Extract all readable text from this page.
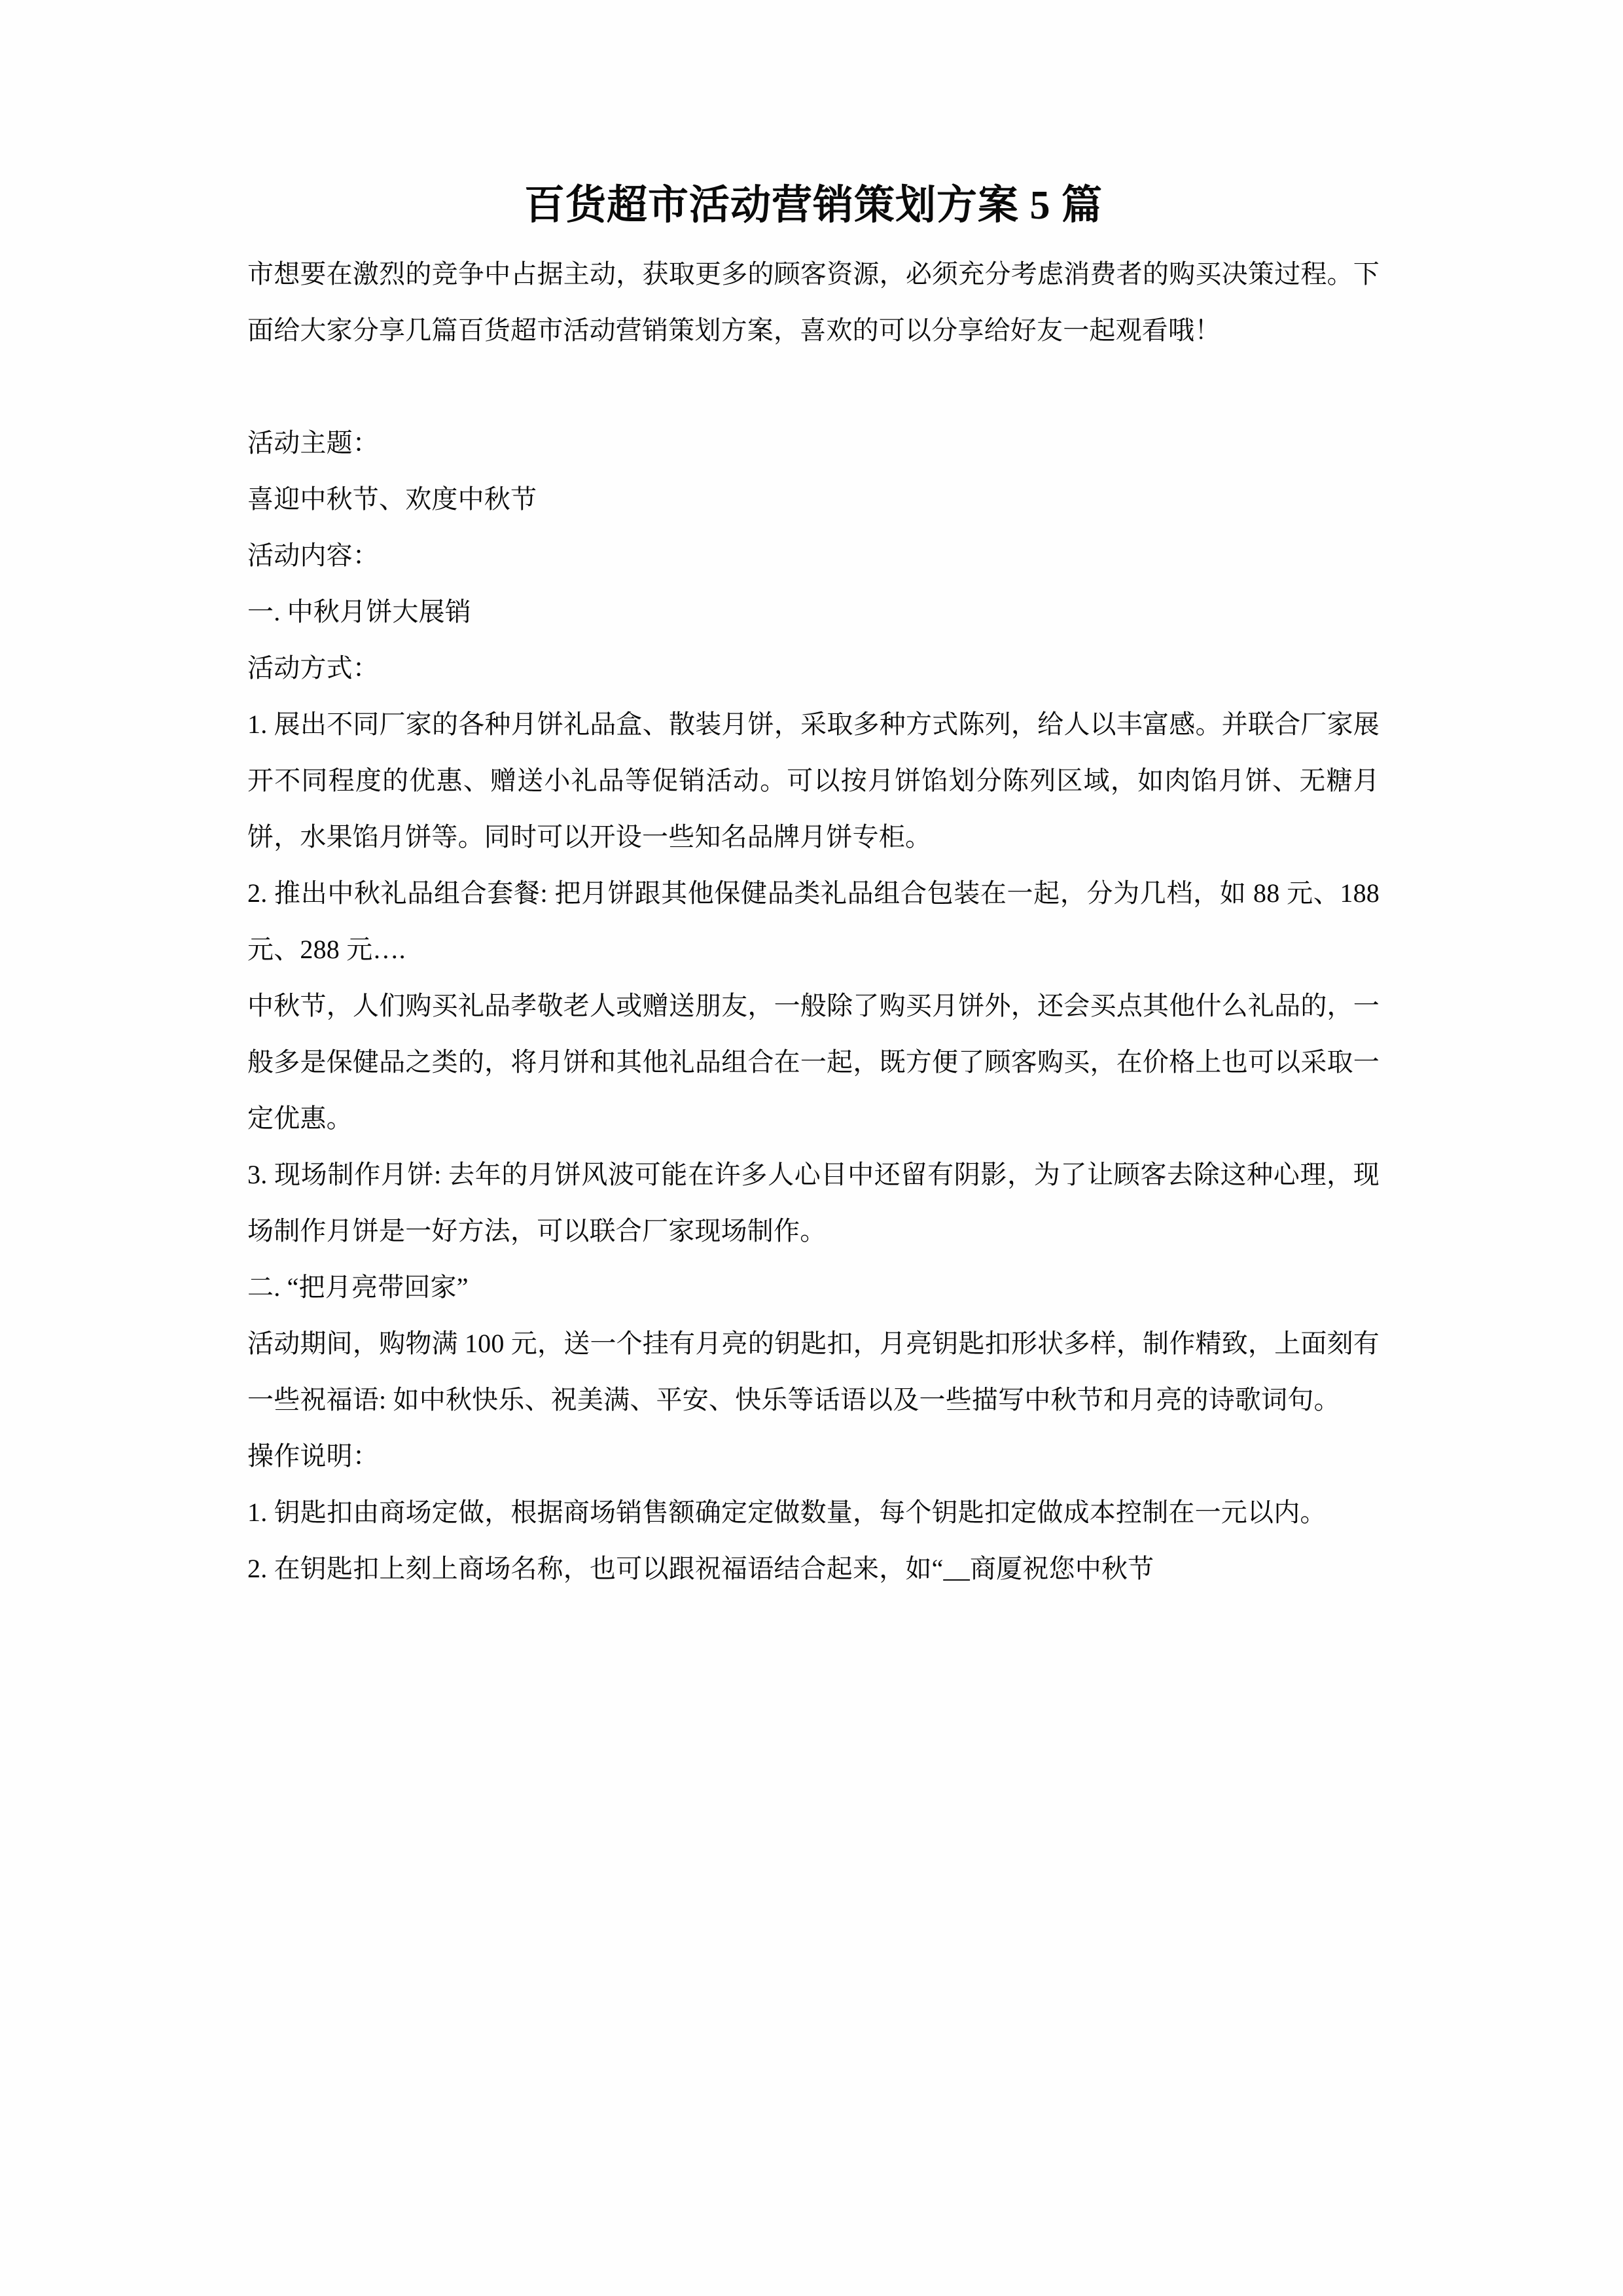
百货超市活动营销策划方案 5 篇

市想要在激烈的竞争中占据主动，获取更多的顾客资源，必须充分考虑消费者的购买决策过程。下面给大家分享几篇百货超市活动营销策划方案，喜欢的可以分享给好友一起观看哦！

活动主题：

喜迎中秋节、欢度中秋节

活动内容：

一. 中秋月饼大展销

活动方式：

1. 展出不同厂家的各种月饼礼品盒、散装月饼，采取多种方式陈列，给人以丰富感。并联合厂家展开不同程度的优惠、赠送小礼品等促销活动。可以按月饼馅划分陈列区域，如肉馅月饼、无糖月饼，水果馅月饼等。同时可以开设一些知名品牌月饼专柜。

2. 推出中秋礼品组合套餐: 把月饼跟其他保健品类礼品组合包装在一起，分为几档，如 88 元、188 元、288 元….

中秋节，人们购买礼品孝敬老人或赠送朋友，一般除了购买月饼外，还会买点其他什么礼品的，一般多是保健品之类的，将月饼和其他礼品组合在一起，既方便了顾客购买，在价格上也可以采取一定优惠。

3. 现场制作月饼: 去年的月饼风波可能在许多人心目中还留有阴影，为了让顾客去除这种心理，现场制作月饼是一好方法，可以联合厂家现场制作。

二. “把月亮带回家”

活动期间，购物满 100 元，送一个挂有月亮的钥匙扣，月亮钥匙扣形状多样，制作精致，上面刻有一些祝福语: 如中秋快乐、祝美满、平安、快乐等话语以及一些描写中秋节和月亮的诗歌词句。

操作说明：

1. 钥匙扣由商场定做，根据商场销售额确定定做数量，每个钥匙扣定做成本控制在一元以内。

2. 在钥匙扣上刻上商场名称，也可以跟祝福语结合起来，如“__商厦祝您中秋节
